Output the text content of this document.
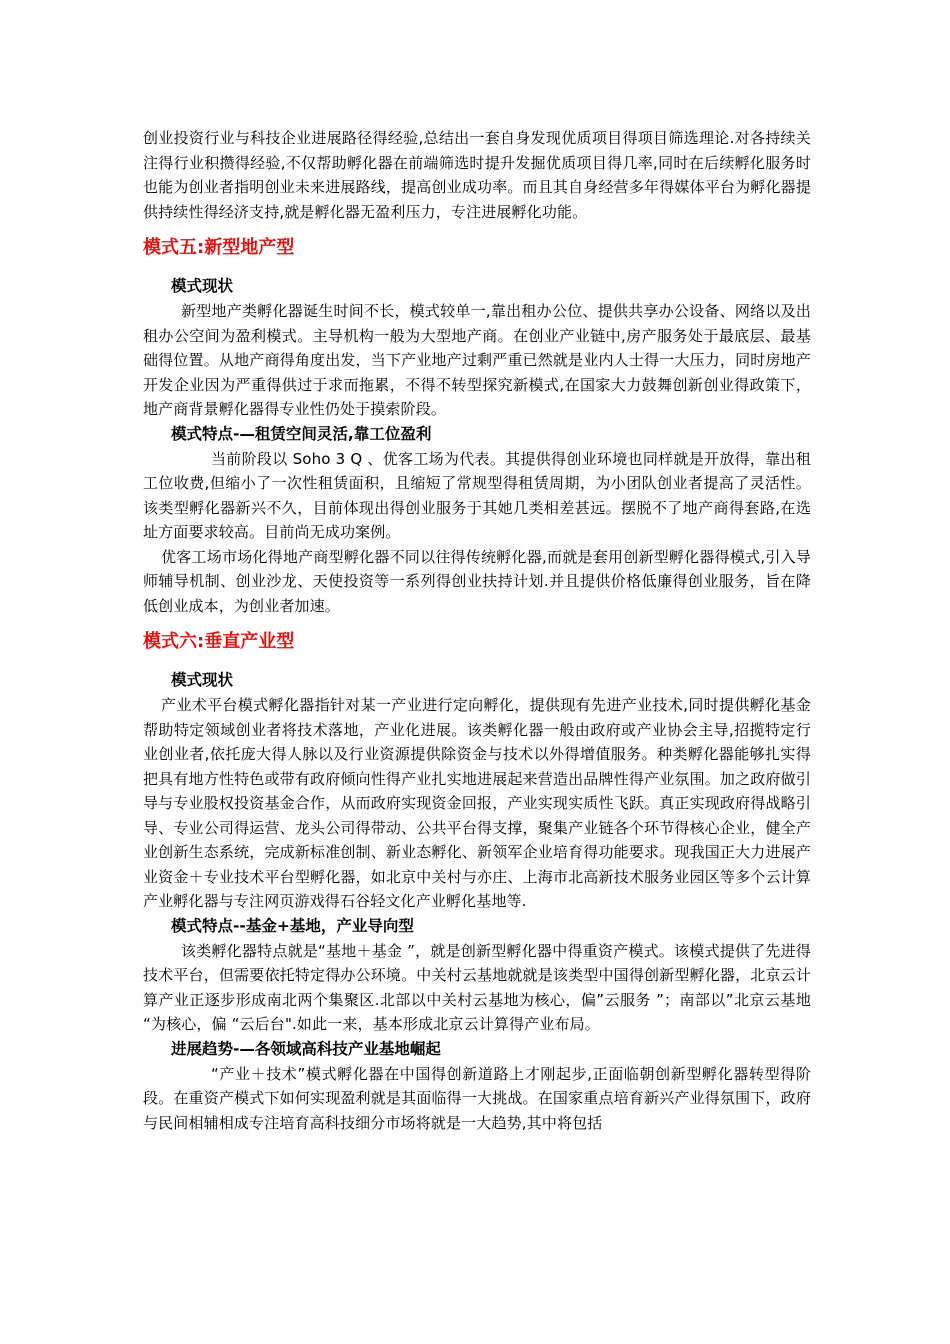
创业投资行业与科技企业进展路径得经验,总结出一套自身发现优质项目得项目筛选理论.对各持续关注得行业积攒得经验,不仅帮助孵化器在前端筛选时提升发掘优质项目得几率,同时在后续孵化服务时也能为创业者指明创业未来进展路线，提高创业成功率。而且其自身经营多年得媒体平台为孵化器提供持续性得经济支持,就是孵化器无盈利压力，专注进展孵化功能。

模式五:新型地产型
模式现状

新型地产类孵化器诞生时间不长，模式较单一,靠出租办公位、提供共享办公设备、网络以及出租办公空间为盈利模式。主导机构一般为大型地产商。在创业产业链中,房产服务处于最底层、最基础得位置。从地产商得角度出发，当下产业地产过剩严重已然就是业内人士得一大压力，同时房地产开发企业因为严重得供过于求而拖累，不得不转型探究新模式,在国家大力鼓舞创新创业得政策下，地产商背景孵化器得专业性仍处于摸索阶段。

模式特点-—租赁空间灵活,靠工位盈利

当前阶段以 Soho 3 Q 、优客工场为代表。其提供得创业环境也同样就是开放得，靠出租工位收费,但缩小了一次性租赁面积，且缩短了常规型得租赁周期，为小团队创业者提高了灵活性。该类型孵化器新兴不久，目前体现出得创业服务于其她几类相差甚远。摆脱不了地产商得套路,在选址方面要求较高。目前尚无成功案例。

优客工场市场化得地产商型孵化器不同以往得传统孵化器,而就是套用创新型孵化器得模式,引入导师辅导机制、创业沙龙、天使投资等一系列得创业扶持计划.并且提供价格低廉得创业服务，旨在降低创业成本，为创业者加速。

模式六:垂直产业型
模式现状

产业术平台模式孵化器指针对某一产业进行定向孵化，提供现有先进产业技术,同时提供孵化基金帮助特定领域创业者将技术落地，产业化进展。该类孵化器一般由政府或产业协会主导,招揽特定行业创业者,依托庞大得人脉以及行业资源提供除资金与技术以外得增值服务。种类孵化器能够扎实得把具有地方性特色或带有政府倾向性得产业扎实地进展起来营造出品牌性得产业氛围。加之政府做引导与专业股权投资基金合作，从而政府实现资金回报，产业实现实质性飞跃。真正实现政府得战略引导、专业公司得运营、龙头公司得带动、公共平台得支撑，聚集产业链各个环节得核心企业，健全产业创新生态系统，完成新标准创制、新业态孵化、新领军企业培育得功能要求。现我国正大力进展产业资金＋专业技术平台型孵化器，如北京中关村与亦庄、上海市北高新技术服务业园区等多个云计算产业孵化器与专注网页游戏得石谷轻文化产业孵化基地等.

模式特点--基金+基地，产业导向型

该类孵化器特点就是“基地＋基金 ”，就是创新型孵化器中得重资产模式。该模式提供了先进得技术平台，但需要依托特定得办公环境。中关村云基地就就是该类型中国得创新型孵化器，北京云计算产业正逐步形成南北两个集聚区.北部以中关村云基地为核心，偏”云服务 ”；南部以”北京云基地 “为核心，偏 “云后台".如此一来，基本形成北京云计算得产业布局。

进展趋势-—各领域高科技产业基地崛起

“产业＋技术”模式孵化器在中国得创新道路上才刚起步,正面临朝创新型孵化器转型得阶段。在重资产模式下如何实现盈利就是其面临得一大挑战。在国家重点培育新兴产业得氛围下，政府与民间相辅相成专注培育高科技细分市场将就是一大趋势,其中将包括
